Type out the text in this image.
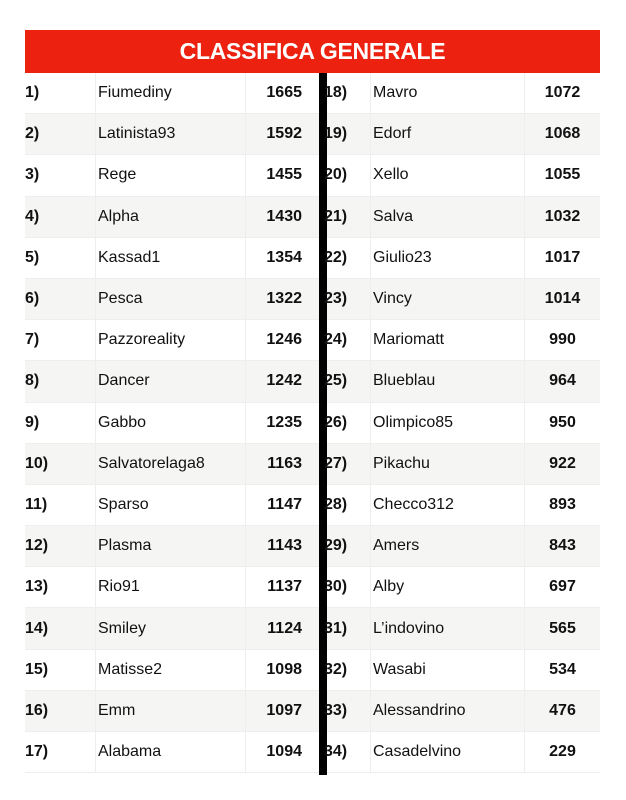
CLASSIFICA GENERALE
1)	Fiumediny	1665
2)	Latinista93	1592
3)	Rege	1455
4)	Alpha	1430
5)	Kassad1	1354
6)	Pesca	1322
7)	Pazzoreality	1246
8)	Dancer	1242
9)	Gabbo	1235
10)	Salvatorelaga8	1163
11)	Sparso	1147
12)	Plasma	1143
13)	Rio91	1137
14)	Smiley	1124
15)	Matisse2	1098
16)	Emm	1097
17)	Alabama	1094
18)	Mavro	1072
19)	Edorf	1068
20)	Xello	1055
21)	Salva	1032
22)	Giulio23	1017
23)	Vincy	1014
24)	Mariomatt	990
25)	Blueblau	964
26)	Olimpico85	950
27)	Pikachu	922
28)	Checco312	893
29)	Amers	843
30)	Alby	697
31)	L’indovino	565
32)	Wasabi	534
33)	Alessandrino	476
34)	Casadelvino	229
